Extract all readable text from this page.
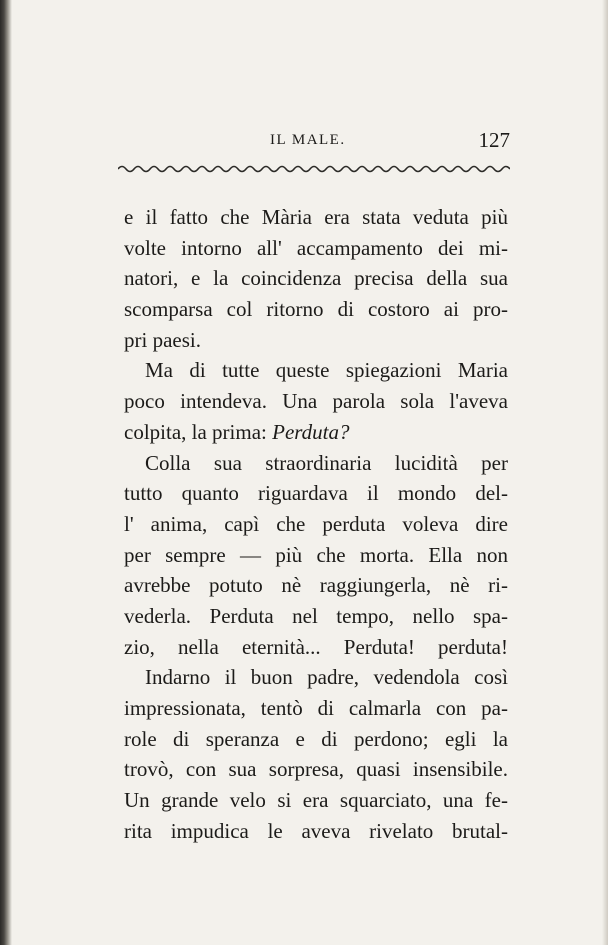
IL MALE.	127
e il fatto che Mària era stata veduta più
volte intorno all' accampamento dei mi-
natori, e la coincidenza precisa della sua
scomparsa col ritorno di costoro ai pro-
pri paesi.
Ma di tutte queste spiegazioni Maria
poco intendeva. Una parola sola l'aveva
colpita, la prima: Perduta?
Colla sua straordinaria lucidità per
tutto quanto riguardava il mondo del-
l' anima, capì che perduta voleva dire
per sempre — più che morta. Ella non
avrebbe potuto nè raggiungerla, nè ri-
vederla. Perduta nel tempo, nello spa-
zio, nella eternità... Perduta! perduta!
Indarno il buon padre, vedendola così
impressionata, tentò di calmarla con pa-
role di speranza e di perdono; egli la
trovò, con sua sorpresa, quasi insensibile.
Un grande velo si era squarciato, una fe-
rita impudica le aveva rivelato brutal-
